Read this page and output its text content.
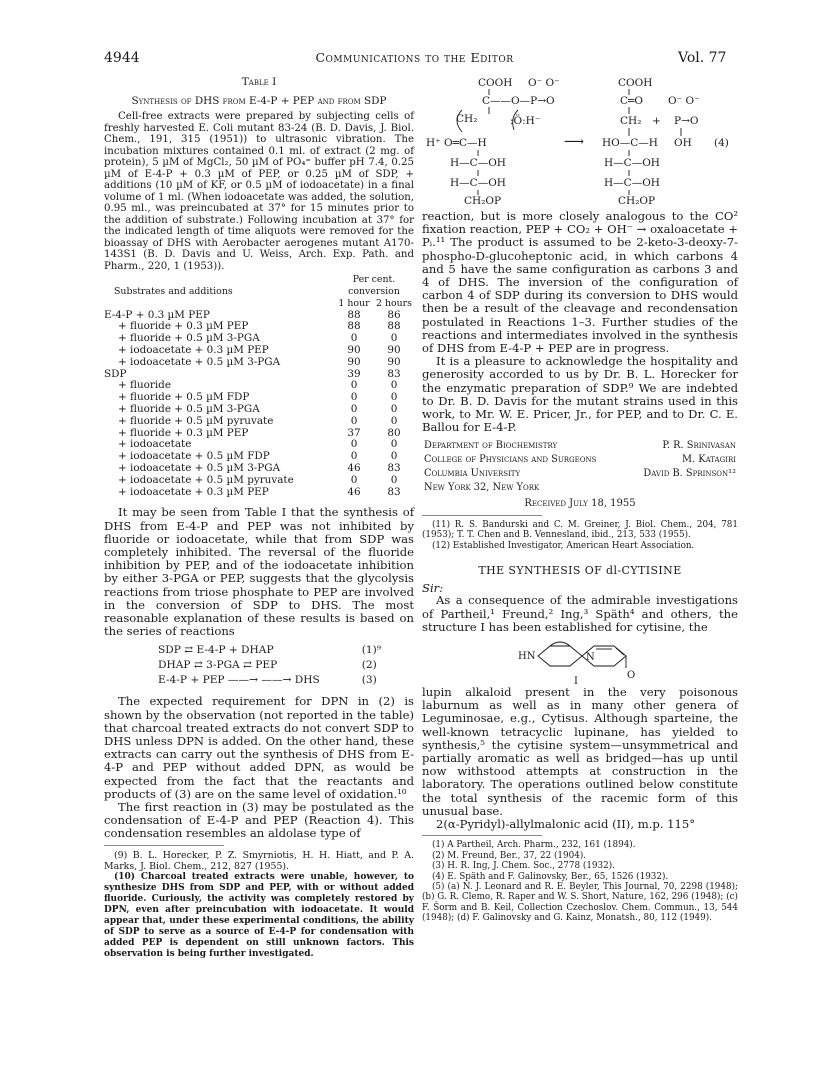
4944	Communications to the Editor	Vol. 77
Table I
Synthesis of DHS from E-4-P + PEP and from SDP

Cell-free extracts were prepared by subjecting cells of freshly harvested E. Coli mutant 83-24 (B. D. Davis, J. Biol. Chem., 191, 315 (1951)) to ultrasonic vibration. The incubation mixtures contained 0.1 ml. of extract (2 mg. of protein), 5 µM of MgCl₂, 50 µM of PO₄⁼ buffer pH 7.4, 0.25 µM of E-4-P + 0.3 µM of PEP, or 0.25 µM of SDP, + additions (10 µM of KF, or 0.5 µM of iodoacetate) in a final volume of 1 ml. (When iodoacetate was added, the solution, 0.95 ml., was preincubated at 37° for 15 minutes prior to the addition of substrate.) Following incubation at 37° for the indicated length of time aliquots were removed for the bioassay of DHS with Aerobacter aerogenes mutant A170-143S1 (B. D. Davis and U. Weiss, Arch. Exp. Path. and Pharm., 220, 1 (1953)).

Substrates and additions	Per cent. conversion	
	1 hour	2 hours
E-4-P + 0.3 µM PEP	88	86
+ fluoride + 0.3 µM PEP	88	88
+ fluoride + 0.5 µM 3-PGA	0	0
+ iodoacetate + 0.3 µM PEP	90	90
+ iodoacetate + 0.5 µM 3-PGA	90	90
SDP	39	83
+ fluoride	0	0
+ fluoride + 0.5 µM FDP	0	0
+ fluoride + 0.5 µM 3-PGA	0	0
+ fluoride + 0.5 µM pyruvate	0	0
+ fluoride + 0.3 µM PEP	37	80
+ iodoacetate	0	0
+ iodoacetate + 0.5 µM FDP	0	0
+ iodoacetate + 0.5 µM 3-PGA	46	83
+ iodoacetate + 0.5 µM pyruvate	0	0
+ iodoacetate + 0.3 µM PEP	46	83

It may be seen from Table I that the synthesis of DHS from E-4-P and PEP was not inhibited by fluoride or iodoacetate, while that from SDP was completely inhibited. The reversal of the fluoride inhibition by PEP, and of the iodoacetate inhibition by either 3-PGA or PEP, suggests that the glycolysis reactions from triose phosphate to PEP are involved in the conversion of SDP to DHS. The most reasonable explanation of these results is based on the series of reactions

SDP ⇄ E-4-P + DHAP	(1)⁹
DHAP ⇄ 3-PGA ⇄ PEP	(2)
E-4-P + PEP ——→ ——→ DHS	(3)

The expected requirement for DPN in (2) is shown by the observation (not reported in the table) that charcoal treated extracts do not convert SDP to DHS unless DPN is added. On the other hand, these extracts can carry out the synthesis of DHS from E-4-P and PEP without added DPN, as would be expected from the fact that the reactants and products of (3) are on the same level of oxidation.¹⁰

The first reaction in (3) may be postulated as the condensation of E-4-P and PEP (Reaction 4). This condensation resembles an aldolase type of

(9) B. L. Horecker, P. Z. Smyrniotis, H. H. Hiatt, and P. A. Marks, J. Biol. Chem., 212, 827 (1955).

(10) Charcoal treated extracts were unable, however, to synthesize DHS from SDP and PEP, with or without added fluoride. Curiously, the activity was completely restored by DPN, even after preincubation with iodoacetate. It would appear that, under these experimental conditions, the ability of SDP to serve as a source of E-4-P for condensation with added PEP is dependent on still unknown factors. This observation is being further investigated.

COOH O⁻ O⁻
C——O—P→O
CH₂	:Ö:H⁻
H⁺ O═C—H
H—C—OH
H—C—OH
CH₂OP
⟶
COOH
C═O O⁻ O⁻
CH₂ + P→O
HO—C—H OH (4)
H—C—OH
H—C—OH
CH₂OP

reaction, but is more closely analogous to the CO² fixation reaction, PEP + CO₂ + OH⁻ → oxaloacetate + Pᵢ.¹¹ The product is assumed to be 2-keto-3-deoxy-7-phospho-D-glucoheptonic acid, in which carbons 4 and 5 have the same configuration as carbons 3 and 4 of DHS. The inversion of the configuration of carbon 4 of SDP during its conversion to DHS would then be a result of the cleavage and recondensation postulated in Reactions 1–3. Further studies of the reactions and intermediates involved in the synthesis of DHS from E-4-P + PEP are in progress.

It is a pleasure to acknowledge the hospitality and generosity accorded to us by Dr. B. L. Horecker for the enzymatic preparation of SDP.⁹ We are indebted to Dr. B. D. Davis for the mutant strains used in this work, to Mr. W. E. Pricer, Jr., for PEP, and to Dr. C. E. Ballou for E-4-P.

Department of Biochemistry	P. R. Srinivasan
College of Physicians and Surgeons	M. Katagiri
Columbia University	David B. Sprinson¹²
New York 32, New York	
Received July 18, 1955

(11) R. S. Bandurski and C. M. Greiner, J. Biol. Chem., 204, 781 (1953); T. T. Chen and B. Vennesland, ibid., 213, 533 (1955).

(12) Established Investigator, American Heart Association.

THE SYNTHESIS OF dl-CYTISINE
Sir:

As a consequence of the admirable investigations of Partheil,¹ Freund,² Ing,³ Späth⁴ and others, the structure I has been established for cytisine, the

HN	N
O
I

lupin alkaloid present in the very poisonous laburnum as well as in many other genera of Leguminosae, e.g., Cytisus. Although sparteine, the well-known tetracyclic lupinane, has yielded to synthesis,⁵ the cytisine system—unsymmetrical and partially aromatic as well as bridged—has up until now withstood attempts at construction in the laboratory. The operations outlined below constitute the total synthesis of the racemic form of this unusual base.

2(α-Pyridyl)-allylmalonic acid (II), m.p. 115°

(1) A Partheil, Arch. Pharm., 232, 161 (1894).

(2) M. Freund, Ber., 37, 22 (1904).

(3) H. R. Ing, J. Chem. Soc., 2778 (1932).

(4) E. Späth and F. Galinovsky, Ber., 65, 1526 (1932).

(5) (a) N. J. Leonard and R. E. Beyler, This Journal, 70, 2298 (1948); (b) G. R. Clemo, R. Raper and W. S. Short, Nature, 162, 296 (1948); (c) F. Šorm and B. Keil, Collection Czechoslov. Chem. Commun., 13, 544 (1948); (d) F. Galinovsky and G. Kainz, Monatsh., 80, 112 (1949).
